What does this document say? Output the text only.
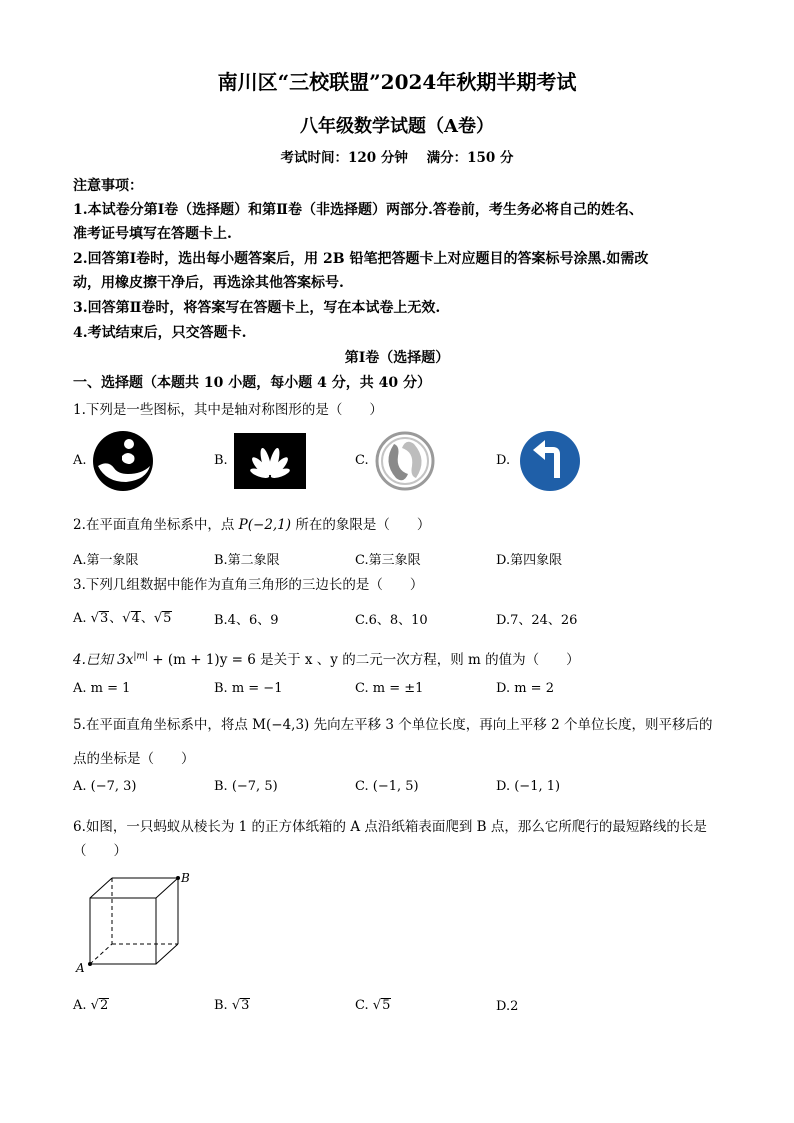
南川区“三校联盟”2024年秋期半期考试
八年级数学试题（A卷）
考试时间：120 分钟    满分：150 分
注意事项：
1.本试卷分第Ⅰ卷（选择题）和第Ⅱ卷（非选择题）两部分.答卷前，考生务必将自己的姓名、
准考证号填写在答题卡上.
2.回答第Ⅰ卷时，选出每小题答案后，用 2B 铅笔把答题卡上对应题目的答案标号涂黑.如需改
动，用橡皮擦干净后，再选涂其他答案标号.
3.回答第Ⅱ卷时，将答案写在答题卡上，写在本试卷上无效.
4.考试结束后，只交答题卡.
第Ⅰ卷（选择题）
一、选择题（本题共 10 小题，每小题 4 分，共 40 分）
1.下列是一些图标，其中是轴对称图形的是（　　）
A.	B.	C.	D.
2.在平面直角坐标系中，点 P(−2,1) 所在的象限是（　　）
A.第一象限	B.第二象限	C.第三象限	D.第四象限
3.下列几组数据中能作为直角三角形的三边长的是（　　）
A. √3、√4、√5	B.4、6、9	C.6、8、10	D.7、24、26
4.已知 $3x^{|m|} + (m + 1)y = 6$ 是关于 x 、y 的二元一次方程，则 m 的值为（　　）
A. m = 1	B. m = −1	C. m = ±1	D. m = 2
5.在平面直角坐标系中，将点 M(−4,3) 先向左平移 3 个单位长度，再向上平移 2 个单位长度，则平移后的
点的坐标是（　　）
A. (−7, 3)	B. (−7, 5)	C. (−1, 5)	D. (−1, 1)
6.如图，一只蚂蚁从棱长为 1 的正方体纸箱的 A 点沿纸箱表面爬到 B 点，那么它所爬行的最短路线的长是
（　　）
A
B
A. √2	B. √3	C. √5	D.2
